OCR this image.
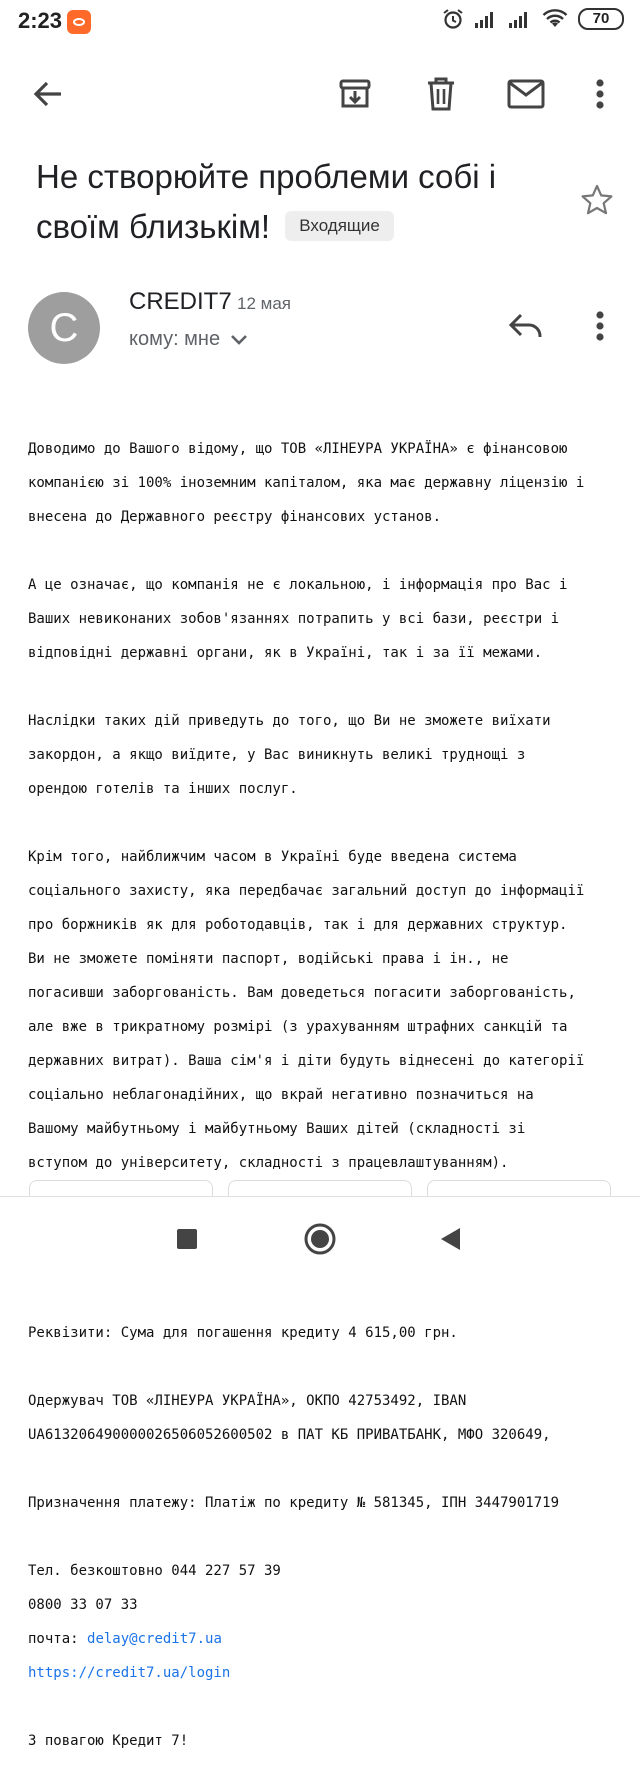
2:23	70
Не створюйте проблеми собі і своїм близькім! Входящие
C
CREDIT7 12 мая
кому: мне

Доводимо до Вашого відому, що ТОВ «ЛІНЕУРА УКРАЇНА» є фінансовою

компанією зі 100% іноземним капіталом, яка має державну ліцензію і

внесена до Державного реєстру фінансових установ.

А це означає, що компанія не є локальною, і інформація про Вас і

Ваших невиконаних зобов'язаннях потрапить у всі бази, реєстри і

відповідні державні органи, як в Україні, так і за її межами.

Наслідки таких дій приведуть до того, що Ви не зможете виїхати

закордон, а якщо виїдите, у Вас виникнуть великі труднощі з

орендою готелів та інших послуг.

Крім того, найближчим часом в Україні буде введена система

соціального захисту, яка передбачає загальний доступ до інформації

про боржників як для роботодавців, так і для державних структур.

Ви не зможете поміняти паспорт, водійські права і ін., не

погасивши заборгованість. Вам доведеться погасити заборгованість,

але вже в трикратному розмірі (з урахуванням штрафних санкцій та

державних витрат). Ваша сім'я і діти будуть віднесені до категорії

соціально неблагонадійних, що вкрай негативно позначиться на

Вашому майбутньому і майбутньому Ваших дітей (складності зі

вступом до університету, складності з працевлаштуванням).

Реквізити: Сума для погашення кредиту 4 615,00 грн.

Одержувач ТОВ «ЛІНЕУРА УКРАЇНА», ОКПО 42753492, IBAN

UA613206490000026506052600502 в ПАТ КБ ПРИВАТБАНК, МФО 320649,

Призначення платежу: Платіж по кредиту № 581345, ІПН 3447901719

Тел. безкоштовно 044 227 57 39

0800 33 07 33

почта: delay@credit7.ua

https://credit7.ua/login

З повагою Кредит 7!
